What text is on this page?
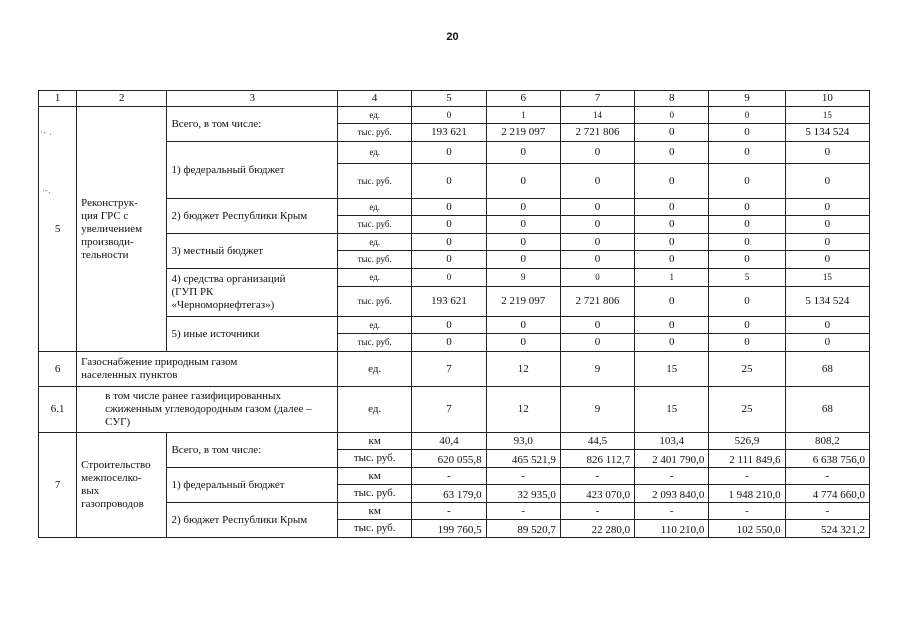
20
1	2	3	4	5	6	7	8	9	10
5	Реконструк-
ция ГРС с
увеличением
производи-
тельности	Всего, в том числе:	ед.	0	1	14	0	0	15
			тыс. руб.	193 621	2 219 097	2 721 806	0	0	5 134 524
		1) федеральный бюджет	ед.	0	0	0	0	0	0
			тыс. руб.	0	0	0	0	0	0
		2) бюджет Республики Крым	ед.	0	0	0	0	0	0
			тыс. руб.	0	0	0	0	0	0
		3) местный бюджет	ед.	0	0	0	0	0	0
			тыс. руб.	0	0	0	0	0	0
		4) средства организаций
(ГУП РК
«Черноморнефтегаз»)	ед.	0	9	0	1	5	15
			тыс. руб.	193 621	2 219 097	2 721 806	0	0	5 134 524
		5) иные источники	ед.	0	0	0	0	0	0
			тыс. руб.	0	0	0	0	0	0
6	Газоснабжение природным газом
населенных пунктов		ед.	7	12	9	15	25	68
6.1	в том числе ранее газифицированных
сжиженным углеводородным газом (далее –
СУГ)		ед.	7	12	9	15	25	68
7	Строительство
межпоселко-
вых
газопроводов	Всего, в том числе:	км	40,4	93,0	44,5	103,4	526,9	808,2
			тыс. руб.	620 055,8	465 521,9	826 112,7	2 401 790,0	2 111 849,6	6 638 756,0
		1) федеральный бюджет	км	-	-	-	-	-	-
			тыс. руб.	63 179,0	32 935,0	423 070,0	2 093 840,0	1 948 210,0	4 774 660,0
		2) бюджет Республики Крым	км	-	-	-	-	-	-
			тыс. руб.	199 760,5	89 520,7	22 280,0	110 210,0	102 550,0	524 321,2
·- .
·-.
